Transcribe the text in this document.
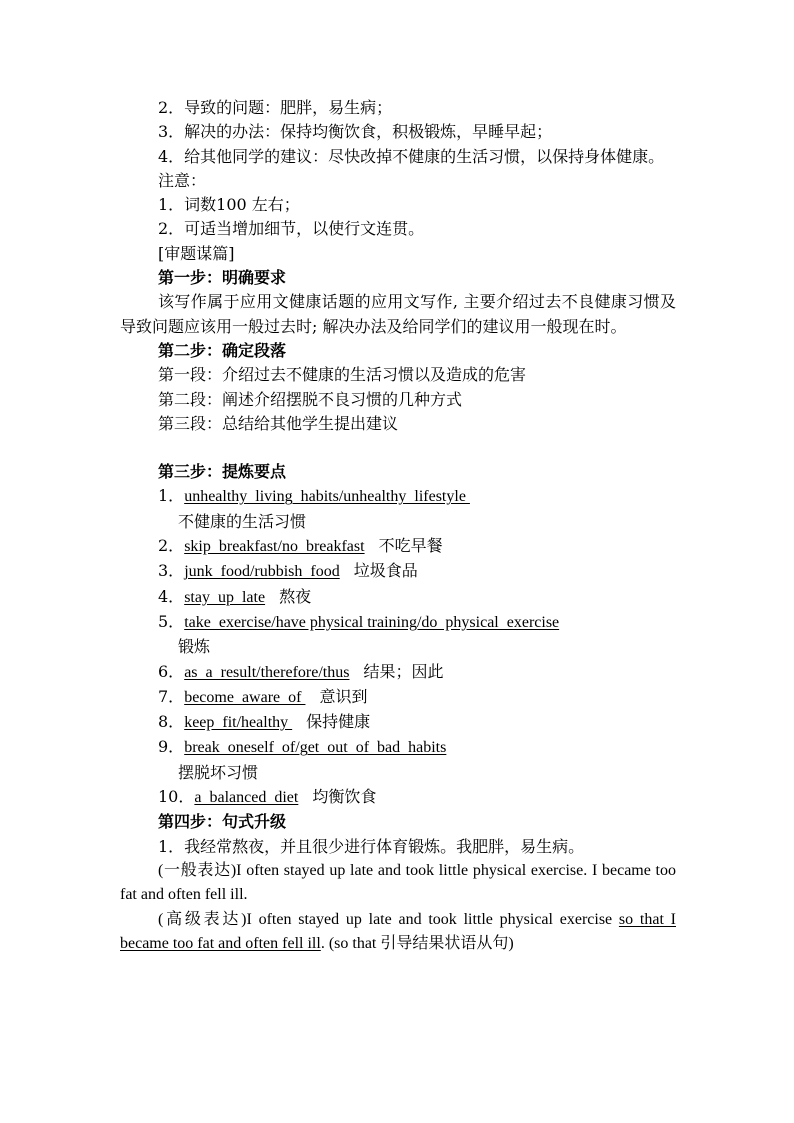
2．导致的问题：肥胖，易生病；
3．解决的办法：保持均衡饮食，积极锻炼，早睡早起；
4．给其他同学的建议：尽快改掉不健康的生活习惯，以保持身体健康。
注意：
1．词数100 左右；
2．可适当增加细节，以使行文连贯。
[审题谋篇]
第一步：明确要求
该写作属于应用文健康话题的应用文写作, 主要介绍过去不良健康习惯及导致问题应该用一般过去时; 解决办法及给同学们的建议用一般现在时。
第二步：确定段落
第一段：介绍过去不健康的生活习惯以及造成的危害
第二段：阐述介绍摆脱不良习惯的几种方式
第三段：总结给其他学生提出建议
第三步：提炼要点
1．unhealthy  living  habits/unhealthy  lifestyle
不健康的生活习惯
2．skip  breakfast/no  breakfast 不吃早餐
3．junk  food/rubbish  food 垃圾食品
4．stay  up  late 熬夜
5．take  exercise/have physical training/do  physical  exercise
锻炼
6．as  a  result/therefore/thus 结果；因此
7．become  aware  of 意识到
8．keep  fit/healthy 保持健康
9．break  oneself  of/get  out  of  bad  habits
摆脱坏习惯
10．a  balanced  diet 均衡饮食
第四步：句式升级
1．我经常熬夜，并且很少进行体育锻炼。我肥胖，易生病。
(一般表达)I often stayed up late and took little physical exercise. I became too fat and often fell ill.
(高级表达)I often stayed up late and took little physical exercise so that I became too fat and often fell ill. (so that 引导结果状语从句)
